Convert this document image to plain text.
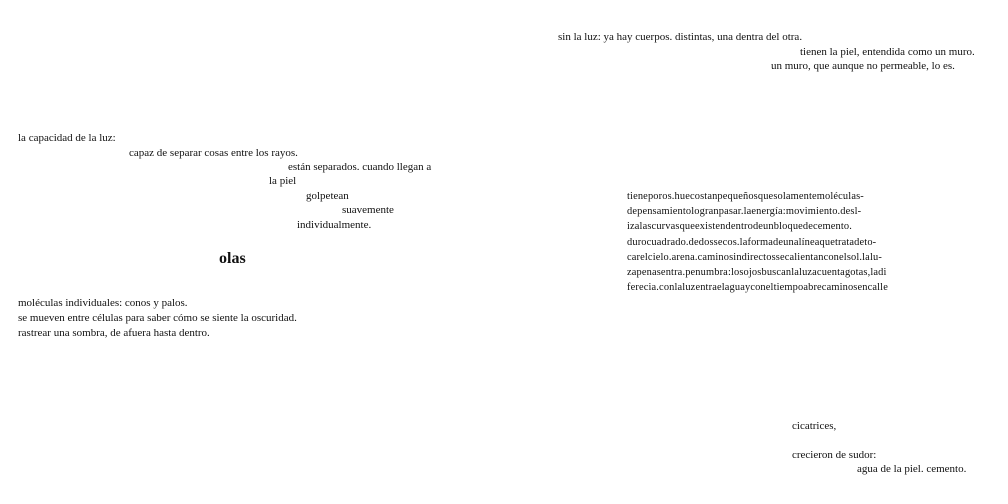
sin la luz: ya hay cuerpos. distintas, una dentra del otra.
tienen la piel, entendida como un muro.
un muro, que aunque no permeable, lo es.
la capacidad de la luz:
capaz de separar cosas entre los rayos.
están separados. cuando llegan a
la piel
golpetean
suavemente
individualmente.
olas
moléculas individuales: conos y palos.
se mueven entre células para saber cómo se siente la oscuridad.
rastrear una sombra, de afuera hasta dentro.
tieneporos.huecostanpequeñosquesolamentemoléculas-
depensamientologranpasar.laenergía:movimiento.desl-
izalascurvasqueexistendentrodeunbloquedecemento.
durocuadrado.dedossecos.laformadeunalíneaquetratadeto-
carelcielo.arena.caminosindirectossecalientanconelsol.lalu-
zapenasentra.penumbra:losojosbuscanlaluzacuentagotas,ladi
ferecia.conlaluzentraelaguayconeltiempoabrecaminosencalle
cicatrices,
crecieron de sudor:
agua de la piel. cemento.
